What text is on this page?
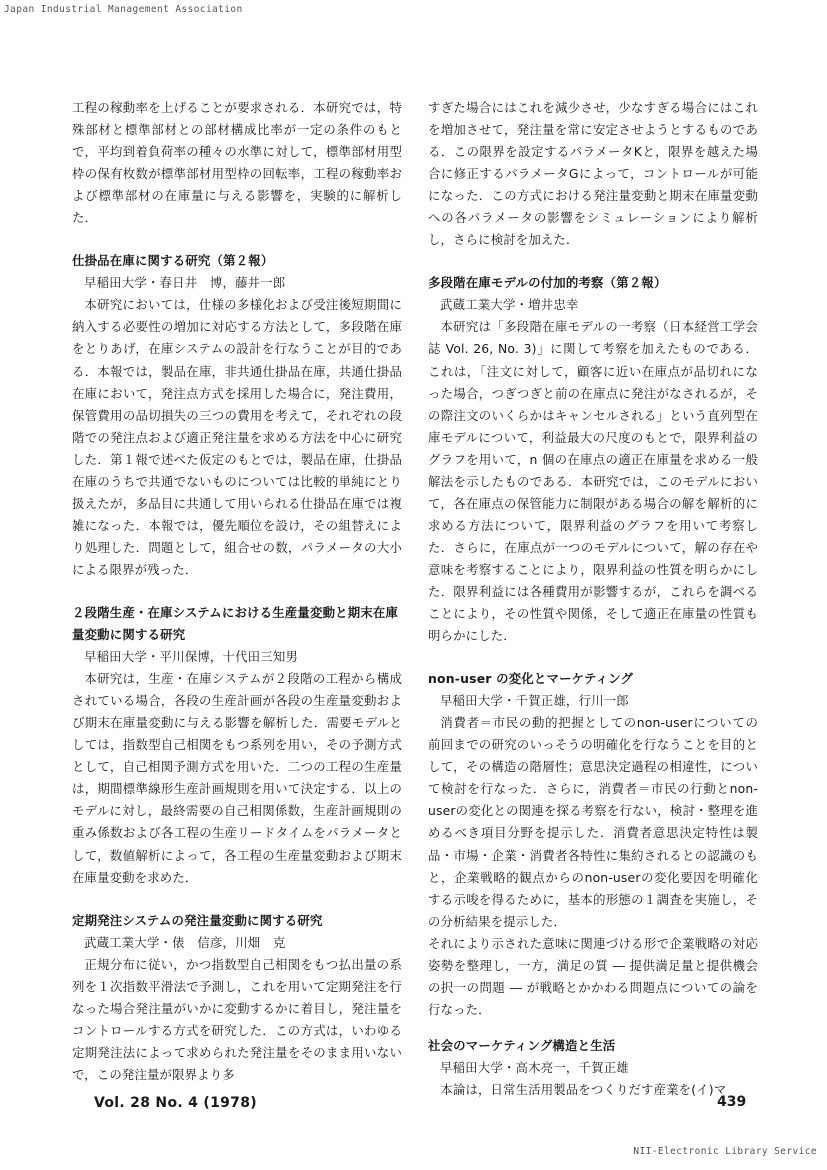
Japan Industrial Management Association

工程の稼動率を上げることが要求される．本研究では，特殊部材と標準部材との部材構成比率が一定の条件のもとで，平均到着負荷率の種々の水準に対して，標準部材用型枠の保有枚数が標準部材用型枠の回転率，工程の稼動率および標準部材の在庫量に与える影響を，実験的に解析した．

仕掛品在庫に関する研究（第２報）

早稲田大学・春日井　博，藤井一郎

本研究においては，仕様の多様化および受注後短期間に納入する必要性の増加に対応する方法として，多段階在庫をとりあげ，在庫システムの設計を行なうことが目的である．本報では，製品在庫，非共通仕掛品在庫，共通仕掛品在庫において，発注点方式を採用した場合に，発注費用，保管費用の品切損失の三つの費用を考えて，それぞれの段階での発注点および適正発注量を求める方法を中心に研究した．第１報で述べた仮定のもとでは，製品在庫，仕掛品在庫のうちで共通でないものについては比較的単純にとり扱えたが，多品目に共通して用いられる仕掛品在庫では複雑になった．本報では，優先順位を設け，その組替えにより処理した．問題として，組合せの数，パラメータの大小による限界が残った．

２段階生産・在庫システムにおける生産量変動と期末在庫量変動に関する研究

早稲田大学・平川保博，十代田三知男

本研究は，生産・在庫システムが２段階の工程から構成されている場合，各段の生産計画が各段の生産量変動および期末在庫量変動に与える影響を解析した．需要モデルとしては，指数型自己相関をもつ系列を用い，その予測方式として，自己相関予測方式を用いた．二つの工程の生産量は，期間標準線形生産計画規則を用いて決定する．以上のモデルに対し，最終需要の自己相関係数，生産計画規則の重み係数および各工程の生産リードタイムをパラメータとして，数値解析によって，各工程の生産量変動および期末在庫量変動を求めた．

定期発注システムの発注量変動に関する研究

武蔵工業大学・俵　信彦，川畑　克

正規分布に従い，かつ指数型自己相関をもつ払出量の系列を１次指数平滑法で予測し，これを用いて定期発注を行なった場合発注量がいかに変動するかに着目し，発注量をコントロールする方式を研究した．この方式は，いわゆる定期発注法によって求められた発注量をそのまま用いないで，この発注量が限界より多

すぎた場合にはこれを減少させ，少なすぎる場合にはこれを増加させて，発注量を常に安定させようとするものである．この限界を設定するパラメータKと，限界を越えた場合に修正するパラメータGによって，コントロールが可能になった．この方式における発注量変動と期末在庫量変動への各パラメータの影響をシミュレーションにより解析し，さらに検討を加えた．

多段階在庫モデルの付加的考察（第２報）

武蔵工業大学・増井忠幸

本研究は「多段階在庫モデルの一考察（日本経営工学会誌 Vol. 26, No. 3)」に関して考察を加えたものである．これは，「注文に対して，顧客に近い在庫点が品切れになった場合，つぎつぎと前の在庫点に発注がなされるが，その際注文のいくらかはキャンセルされる」という直列型在庫モデルについて，利益最大の尺度のもとで，限界利益のグラフを用いて，n 個の在庫点の適正在庫量を求める一般解法を示したものである．本研究では，このモデルにおいて，各在庫点の保管能力に制限がある場合の解を解析的に求める方法について，限界利益のグラフを用いて考察した．さらに，在庫点が一つのモデルについて，解の存在や意味を考察することにより，限界利益の性質を明らかにした．限界利益には各種費用が影響するが，これらを調べることにより，その性質や関係，そして適正在庫量の性質も明らかにした．

non-user の変化とマーケティング

早稲田大学・千賀正雄，行川一郎

消費者＝市民の動的把握としてのnon-userについての前回までの研究のいっそうの明確化を行なうことを目的として，その構造の階層性；意思決定過程の相違性，について検討を行なった．さらに，消費者＝市民の行動とnon-userの変化との関連を探る考察を行ない，検討・整理を進めるべき項目分野を提示した．消費者意思決定特性は製品・市場・企業・消費者各特性に集約されるとの認識のもと，企業戦略的観点からのnon-userの変化要因を明確化する示唆を得るために，基本的形態の１調査を実施し，その分析結果を提示した．

それにより示された意味に関連づける形で企業戦略の対応姿勢を整理し，一方，満足の質 ― 提供満足量と提供機会の択一の問題 ― が戦略とかかわる問題点についての論を行なった．

社会のマーケティング構造と生活

早稲田大学・高木亮一，千賀正雄

本論は，日常生活用製品をつくりだす産業を(イ)マ

Vol. 28 No. 4 (1978)	439
NII-Electronic Library Service
